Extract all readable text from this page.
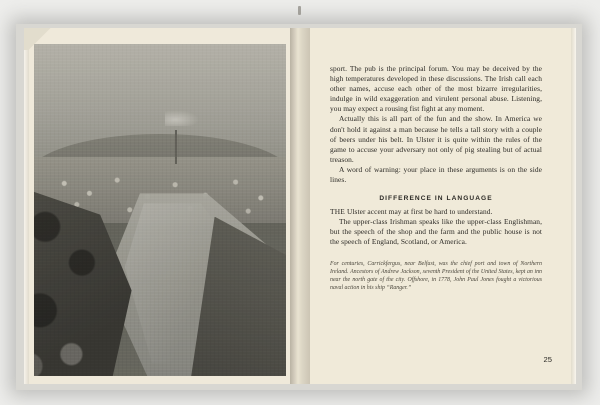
sport. The pub is the principal forum. You may be deceived by the high temperatures developed in these discussions. The Irish call each other names, accuse each other of the most bizarre irregularities, indulge in wild exaggeration and virulent personal abuse. Listening, you may expect a rousing fist fight at any moment.

Actually this is all part of the fun and the show. In America we don't hold it against a man because he tells a tall story with a couple of beers under his belt. In Ulster it is quite within the rules of the game to accuse your adversary not only of pig stealing but of actual treason.

A word of warning: your place in these arguments is on the side lines.

DIFFERENCE IN LANGUAGE

THE Ulster accent may at first be hard to understand.

The upper-class Irishman speaks like the upper-class Englishman, but the speech of the shop and the farm and the public house is not the speech of England, Scotland, or America.

For centuries, Carrickfergus, near Belfast, was the chief port and town of Northern Ireland. Ancestors of Andrew Jackson, seventh President of the United States, kept an inn near the north gate of the city. Offshore, in 1778, John Paul Jones fought a victorious naval action in his ship “Ranger.”

25
